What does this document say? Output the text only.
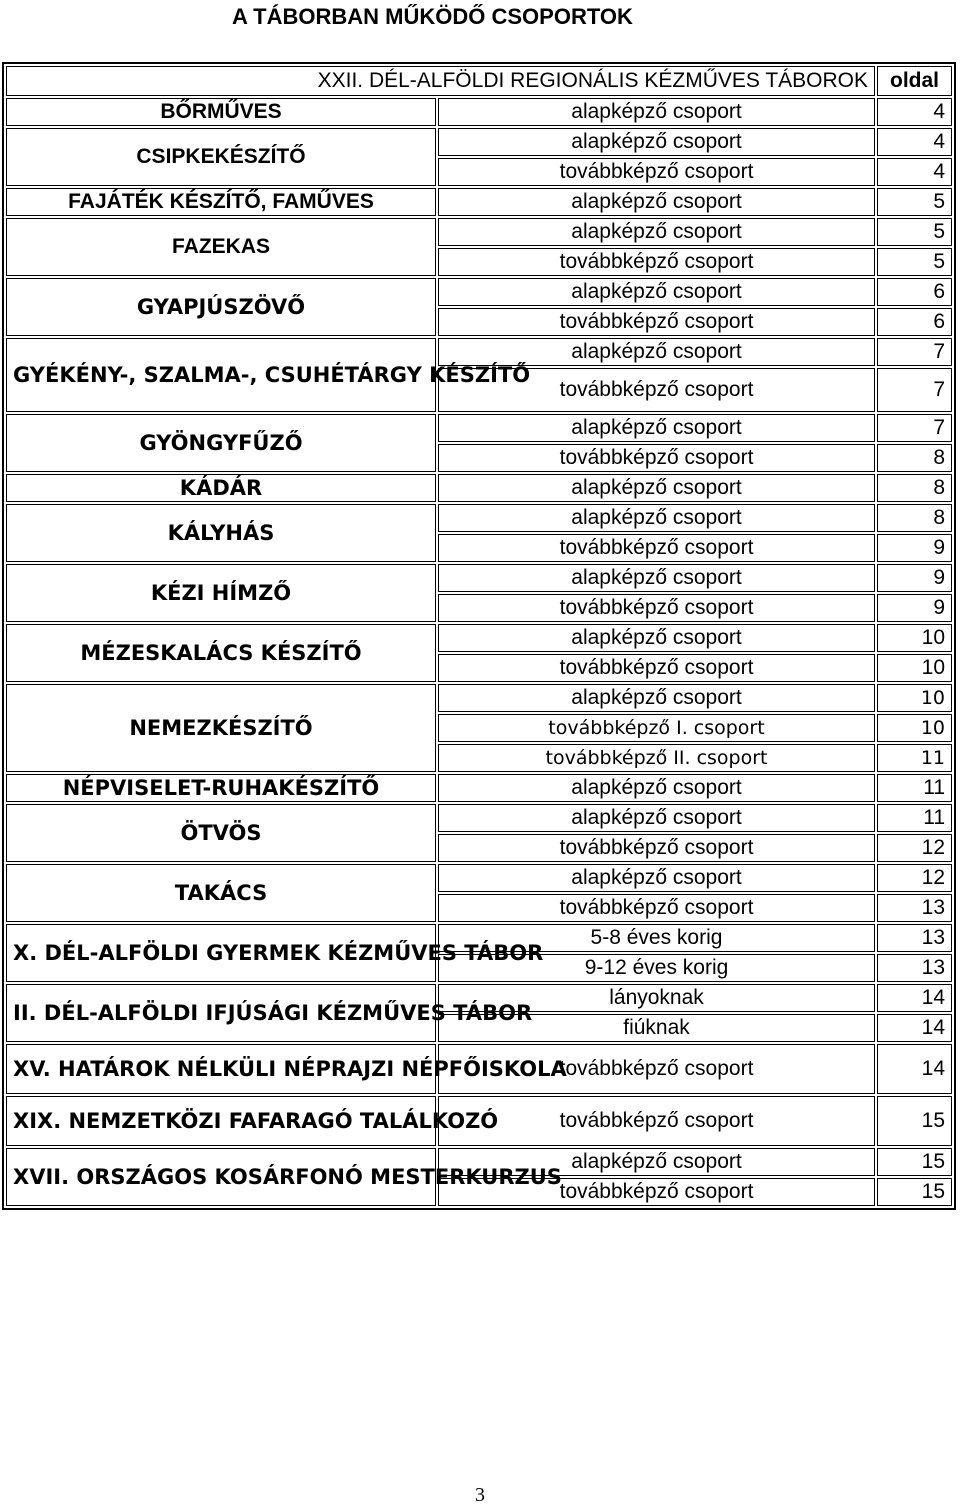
A TÁBORBAN MŰKÖDŐ CSOPORTOK
XXII. DÉL-ALFÖLDI REGIONÁLIS KÉZMŰVES TÁBOROK		oldal
BŐRMŰVES	alapképző csoport	4
CSIPKEKÉSZÍTŐ	alapképző csoport	4
	továbbképző csoport	4
FAJÁTÉK KÉSZÍTŐ, FAMŰVES	alapképző csoport	5
FAZEKAS	alapképző csoport	5
	továbbképző csoport	5
GYAPJÚSZÖVŐ	alapképző csoport	6
	továbbképző csoport	6
GYÉKÉNY-, SZALMA-, CSUHÉTÁRGY KÉSZÍTŐ	alapképző csoport	7
	továbbképző csoport	7
GYÖNGYFŰZŐ	alapképző csoport	7
	továbbképző csoport	8
KÁDÁR	alapképző csoport	8
KÁLYHÁS	alapképző csoport	8
	továbbképző csoport	9
KÉZI HÍMZŐ	alapképző csoport	9
	továbbképző csoport	9
MÉZESKALÁCS KÉSZÍTŐ	alapképző csoport	10
	továbbképző csoport	10
NEMEZKÉSZÍTŐ	alapképző csoport	10
	továbbképző I. csoport	10
	továbbképző II. csoport	11
NÉPVISELET-RUHAKÉSZÍTŐ	alapképző csoport	11
ÖTVÖS	alapképző csoport	11
	továbbképző csoport	12
TAKÁCS	alapképző csoport	12
	továbbképző csoport	13
X. DÉL-ALFÖLDI GYERMEK KÉZMŰVES TÁBOR	5-8 éves korig	13
	9-12 éves korig	13
II. DÉL-ALFÖLDI IFJÚSÁGI KÉZMŰVES TÁBOR	lányoknak	14
	fiúknak	14
XV. HATÁROK NÉLKÜLI NÉPRAJZI NÉPFŐISKOLA	továbbképző csoport	14
XIX. NEMZETKÖZI FAFARAGÓ TALÁLKOZÓ	továbbképző csoport	15
XVII. ORSZÁGOS KOSÁRFONÓ MESTERKURZUS	alapképző csoport	15
	továbbképző csoport	15
3
